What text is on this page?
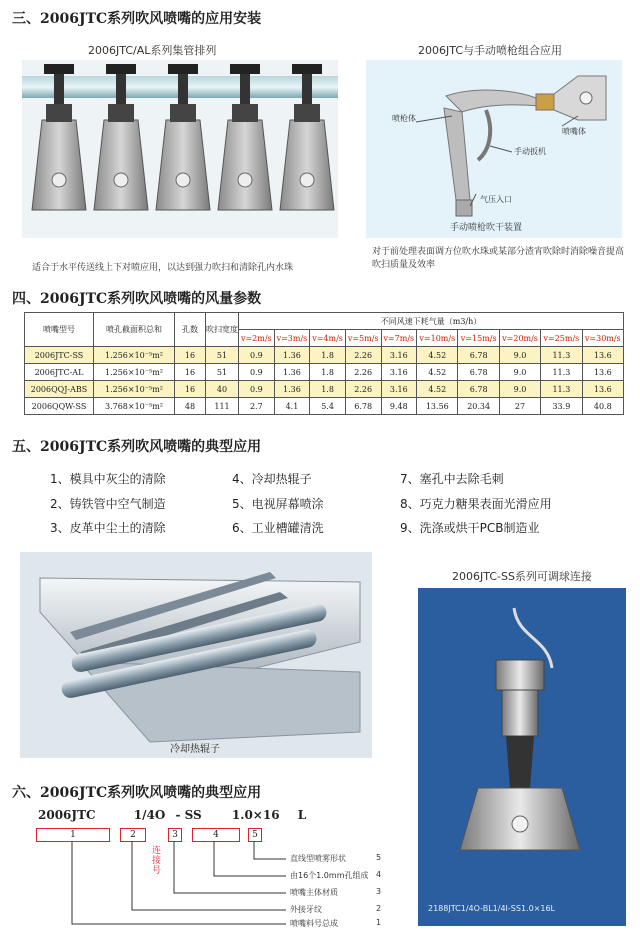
三、2006JTC系列吹风喷嘴的应用安装
2006JTC/AL系列集管排列	2006JTC与手动喷枪组合应用
适合于水平传送线上下对喷应用，以达到强力吹扫和清除孔内水珠
喷枪体
喷嘴体
手动扳机
气压入口
手动喷枪吹干装置
对于前处理表面调方位吹水珠或某部分渣宵吹除时消除噪音提高吹扫质量及效率
四、2006JTC系列吹风喷嘴的风量参数
喷嘴型号	喷孔截面积总和	孔数	吹扫宽度	不同风速下耗气量（m3/h）									
				v=2m/s	v=3m/s	v=4m/s	v=5m/s	v=7m/s	v=10m/s	v=15m/s	v=20m/s	v=25m/s	v=30m/s
2006JTC-SS	1.256×10⁻⁵m²	16	51	0.9	1.36	1.8	2.26	3.16	4.52	6.78	9.0	11.3	13.6
2006JTC-AL	1.256×10⁻⁵m²	16	51	0.9	1.36	1.8	2.26	3.16	4.52	6.78	9.0	11.3	13.6
2006QQJ-ABS	1.256×10⁻⁵m²	16	40	0.9	1.36	1.8	2.26	3.16	4.52	6.78	9.0	11.3	13.6
2006QQW-SS	3.768×10⁻⁵m²	48	111	2.7	4.1	5.4	6.78	9.48	13.56	20.34	27	33.9	40.8
五、2006JTC系列吹风喷嘴的典型应用
1、模具中灰尘的清除	4、冷却热辊子	7、塞孔中去除毛刺
2、铸铁管中空气制造	5、电视屏幕喷涂	8、巧克力糖果表面光滑应用
3、皮革中尘土的清除	6、工业槽罐清洗	9、洗涤或烘干PCB制造业
冷却热辊子
2006JTC-SS系列可调球连接
2188JTC1/4O-BL1/4I-SS1.0×16L
六、2006JTC系列吹风喷嘴的典型应用
2006JTC	1/4O - SS	1.0×16 L
1	2	3	4	5
连接号
直线型喷雾形状	5
由16个1.0mm孔组成 4
喷嘴主体材质	3
外接牙纹	2
喷嘴料号总成	1
